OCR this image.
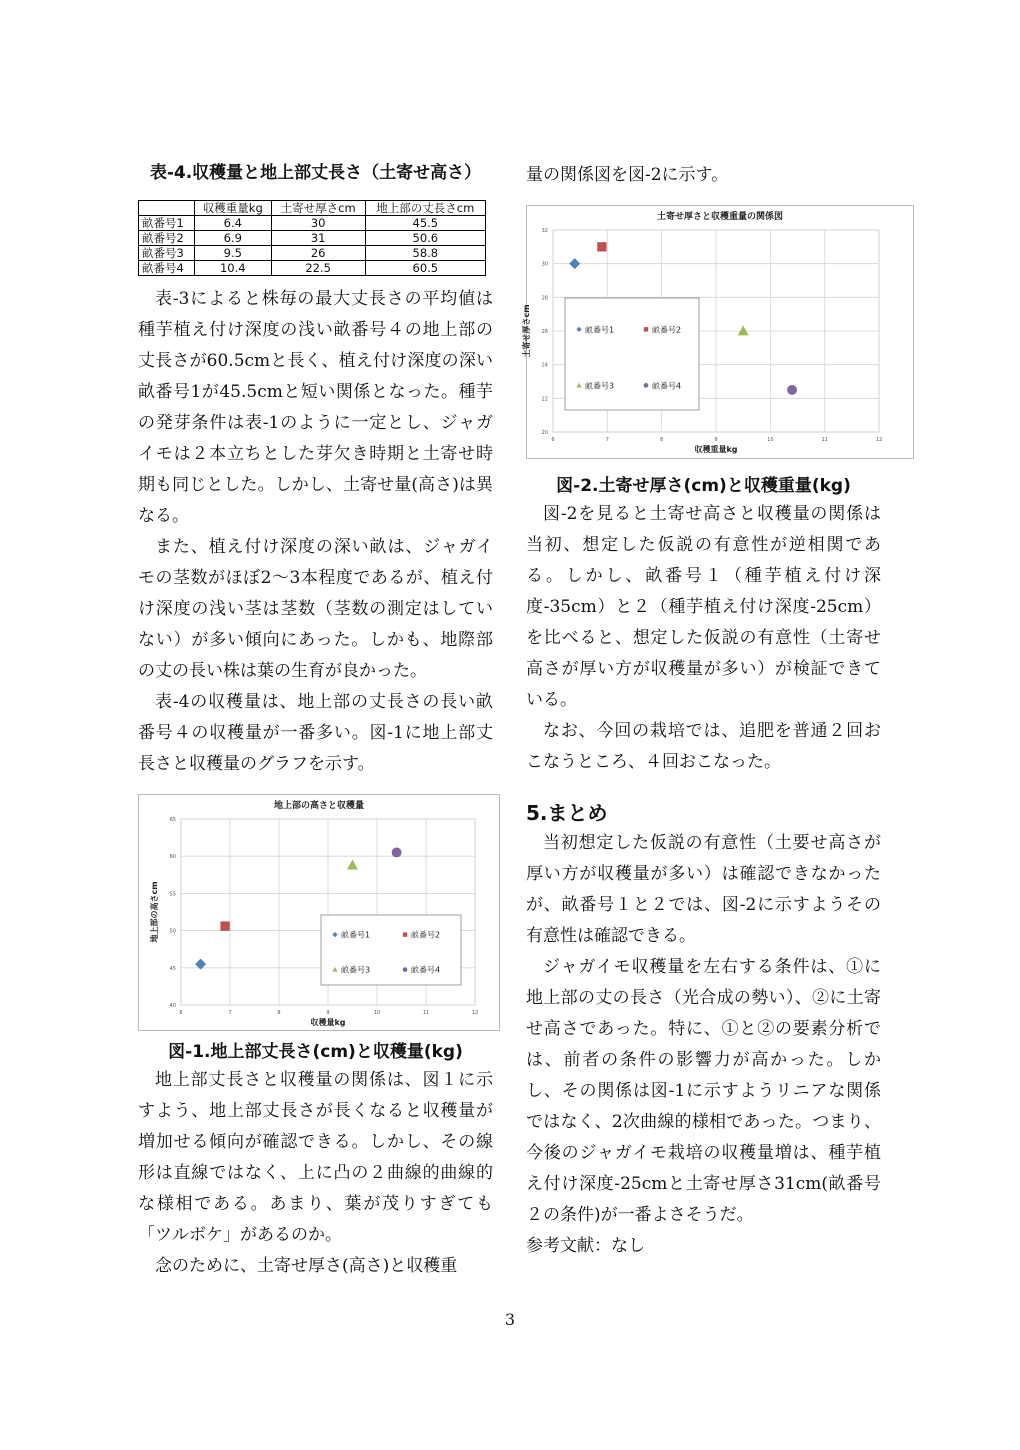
表-4.収穫量と地上部丈長さ（土寄せ高さ）

	収穫重量kg	土寄せ厚さcm	地上部の丈長さcm
畝番号1	6.4	30	45.5
畝番号2	6.9	31	50.6
畝番号3	9.5	26	58.8
畝番号4	10.4	22.5	60.5

表-3によると株毎の最大丈長さの平均値は種芋植え付け深度の浅い畝番号４の地上部の丈長さが60.5cmと長く、植え付け深度の深い畝番号1が45.5cmと短い関係となった。種芋の発芽条件は表-1のように一定とし、ジャガイモは２本立ちとした芽欠き時期と土寄せ時期も同じとした。しかし、土寄せ量(高さ)は異なる。

また、植え付け深度の深い畝は、ジャガイモの茎数がほぼ2〜3本程度であるが、植え付け深度の浅い茎は茎数（茎数の測定はしていない）が多い傾向にあった。しかも、地際部の丈の長い株は葉の生育が良かった。

表-4の収穫量は、地上部の丈長さの長い畝番号４の収穫量が一番多い。図-1に地上部丈長さと収穫量のグラフを示す。

地上部の高さと収穫量
6	7	8	9	10	11	12
40
45
50
55
60
65
収穫量kg
地上部の高さcm	畝番号1	畝番号2
畝番号3	畝番号4

図-1.地上部丈長さ(cm)と収穫量(kg)

地上部丈長さと収穫量の関係は、図１に示すよう、地上部丈長さが長くなると収穫量が増加せる傾向が確認できる。しかし、その線形は直線ではなく、上に凸の２曲線的曲線的な様相である。あまり、葉が茂りすぎても「ツルボケ」があるのか。

念のために、土寄せ厚さ(高さ)と収穫重

量の関係図を図-2に示す。

土寄せ厚さと収穫重量の関係図
6	7	8	9	10	11	12
20
22
24
26
28
30
32
収穫重量kg
土寄せ厚さcm	畝番号1	畝番号2
畝番号3	畝番号4

図-2.土寄せ厚さ(cm)と収穫重量(kg)

図-2を見ると土寄せ高さと収穫量の関係は当初、想定した仮説の有意性が逆相関である。しかし、畝番号１（種芋植え付け深度-35cm）と２（種芋植え付け深度-25cm）を比べると、想定した仮説の有意性（土寄せ高さが厚い方が収穫量が多い）が検証できている。

なお、今回の栽培では、追肥を普通２回おこなうところ、４回おこなった。

5.まとめ

当初想定した仮説の有意性（土要せ高さが厚い方が収穫量が多い）は確認できなかったが、畝番号１と２では、図-2に示すようその有意性は確認できる。

ジャガイモ収穫量を左右する条件は、①に地上部の丈の長さ（光合成の勢い）、②に土寄せ高さであった。特に、①と②の要素分析では、前者の条件の影響力が高かった。しかし、その関係は図-1に示すようリニアな関係ではなく、2次曲線的様相であった。つまり、今後のジャガイモ栽培の収穫量増は、種芋植え付け深度-25cmと土寄せ厚さ31cm(畝番号２の条件)が一番よさそうだ。

参考文献：なし

3
